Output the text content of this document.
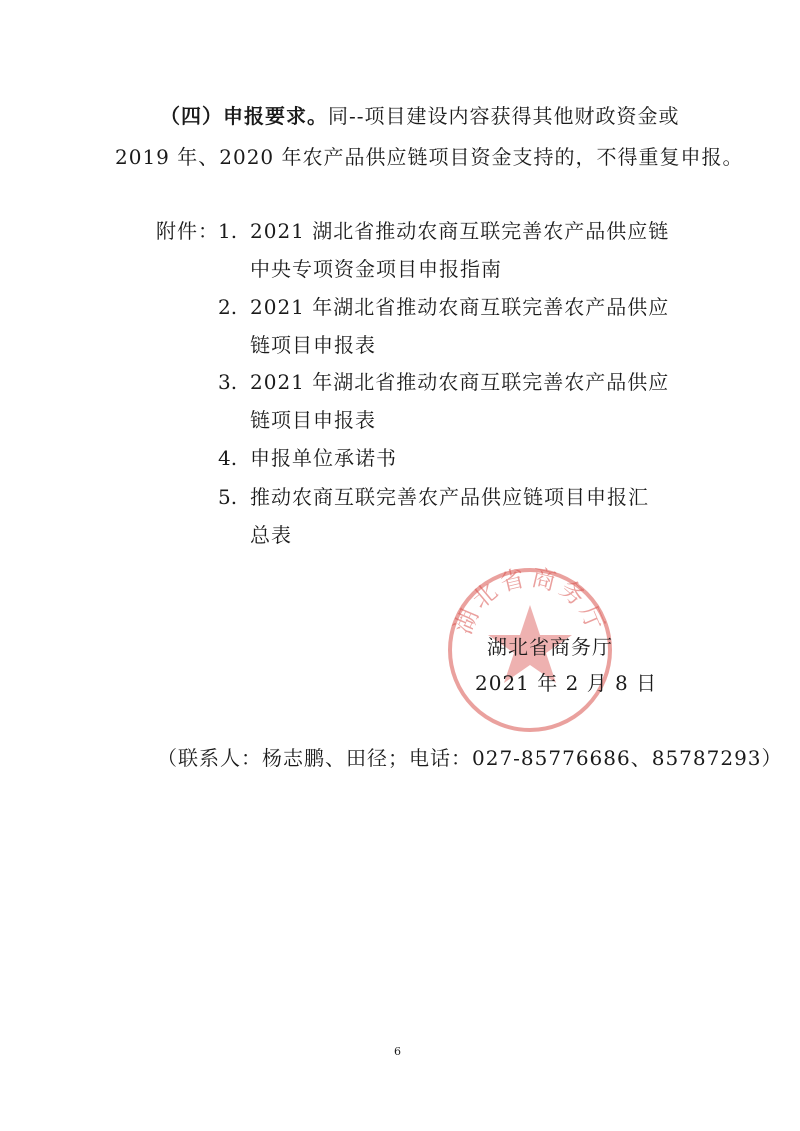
（四）申报要求。同--项目建设内容获得其他财政资金或
2019 年、2020 年农产品供应链项目资金支持的，不得重复申报。
附件： 1. 2021 湖北省推动农商互联完善农产品供应链
中央专项资金项目申报指南
2. 2021 年湖北省推动农商互联完善农产品供应
链项目申报表
3. 2021 年湖北省推动农商互联完善农产品供应
链项目申报表
4. 申报单位承诺书
5. 推动农商互联完善农产品供应链项目申报汇
总表
湖北省商务厅
湖北省商务厅
2021 年 2 月 8 日
（联系人：杨志鹏、田径；电话：027-85776686、85787293）
6
